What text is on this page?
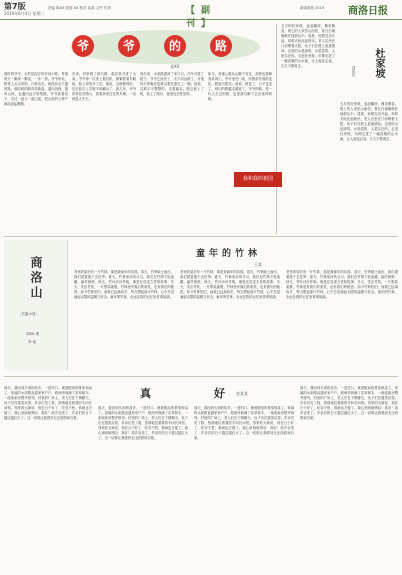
第7版
2019年6月4日 星期二
责编 陈XX 版面 XX 校对 某某 文件 作者	【副刊】
新闻晨报 2019 商洛日报
爷	爷	的	路
张XX
那时的爷爷，走的是泥泞的乡间小路，每逢雨天一脚深一脚浅，一步一滑。爷爷常说，路是人走出来的，只要肯走，就没有走不通的路。那时候的路弯弯曲曲，通向田野，通向山林，也通向远方的集镇。爷爷挑着担子，走过一道又一道山梁，把山里的土特产换成油盐酱醋。
后来，村里修了砂石路，拖拉机开进了山沟。爷爷第一次坐上拖拉机，紧紧抓着车厢板，脸上却笑开了花。他说，这路修得好，往后娃们上学就不用翻山了。那几年，爷爷常常站在路口，看着来来往往的车辆，一站就是大半天。
再后来，水泥路通到了家门口，汽车开进了院子。爷爷已经老了，走不动远路了，可他每天傍晚还是要沿着村道走上一圈。他说，这路平平整整的，走着踏实。路边栽上了树，装上了路灯，夜里也亮堂堂的。
如今，高速公路从山脚下穿过，高铁也要修到县城了。爷爷坐在门前，听我讲外面的变化，眼里闪着光。他说，路变了，日子也变了，咱们的路越走越宽了。爷爷的路，是一代人走过的路，也是我们脚下正在延伸的路。
五月的杜家坡，麦浪翻滚，槐花飘香。坡上的人家依山而居，青瓦白墙掩映在绿树丛中。清晨，炊烟袅袅升起，鸡鸣犬吠此起彼伏。老人们坐在门前晒着太阳，孩子们在坡上追逐嬉戏。这里的山是绿的，水是清的，人是实在的。走进杜家坡，仿佛走进了一幅淡雅的山水画，让人流连忘返，久久不愿离去。	杜家坡
刘某某
五月的杜家坡，麦浪翻滚，槐花飘香。坡上的人家依山而居，青瓦白墙掩映在绿树丛中。清晨，炊烟袅袅升起，鸡鸣犬吠此起彼伏。老人们坐在门前晒着太阳，孩子们在坡上追逐嬉戏。这里的山是绿的，水是清的，人是实在的。走进杜家坡，仿佛走进了一幅淡雅的山水画，让人流连忘返，久久不愿离去。
我和我的祖国
商洛山
〔长篇小说〕
刘XX 著
李 某
童年的竹林
王某
老家的屋后有一片竹林，那是我童年的乐园。春天，竹笋破土而出，我们提着篮子去挖笋；夏天，竹林里凉风习习，我们在竹荫下捉迷藏、编竹蚂蚱；秋天，竹叶沙沙作响，像是在讲述古老的故事；冬天，雪压竹枝，一片银装素裹。竹林里有我们的欢笑，也有我们的秘密。如今竹林依旧，而我已远离故乡，每当想起那片竹林，心中总是涌起无限的温暖与怀念。童年的竹林，永远在我的记忆里青翠欲滴。
老家的屋后有一片竹林，那是我童年的乐园。春天，竹笋破土而出，我们提着篮子去挖笋；夏天，竹林里凉风习习，我们在竹荫下捉迷藏、编竹蚂蚱；秋天，竹叶沙沙作响，像是在讲述古老的故事；冬天，雪压竹枝，一片银装素裹。竹林里有我们的欢笑，也有我们的秘密。如今竹林依旧，而我已远离故乡，每当想起那片竹林，心中总是涌起无限的温暖与怀念。童年的竹林，永远在我的记忆里青翠欲滴。
老家的屋后有一片竹林，那是我童年的乐园。春天，竹笋破土而出，我们提着篮子去挖笋；夏天，竹林里凉风习习，我们在竹荫下捉迷藏、编竹蚂蚱；秋天，竹叶沙沙作响，像是在讲述古老的故事；冬天，雪压竹枝，一片银装素裹。竹林里有我们的欢笑，也有我们的秘密。如今竹林依旧，而我已远离故乡，每当想起那片竹林，心中总是涌起无限的温暖与怀念。童年的竹林，永远在我的记忆里青翠欲滴。
真	好 赵某某
那天，我回到久别的故乡，一进村口，就被眼前的景象惊呆了。宽阔的水泥路直通家家户户，路两旁栽满了花草树木，一座座新房整齐排列。村里的广场上，老人们在下棋聊天，孩子们在嬉笑玩耍。乡亲们见了我，热情地拉着我的手问长问短。邻家的大婶说，现在日子好了，吃穿不愁，看病也方便了。我心里暗暗感叹：真好！故乡变美了，乡亲们的日子越过越红火了。这一切都让我感到无比欣慰和自豪。
那天，我回到久别的故乡，一进村口，就被眼前的景象惊呆了。宽阔的水泥路直通家家户户，路两旁栽满了花草树木，一座座新房整齐排列。村里的广场上，老人们在下棋聊天，孩子们在嬉笑玩耍。乡亲们见了我，热情地拉着我的手问长问短。邻家的大婶说，现在日子好了，吃穿不愁，看病也方便了。我心里暗暗感叹：真好！故乡变美了，乡亲们的日子越过越红火了。这一切都让我感到无比欣慰和自豪。
那天，我回到久别的故乡，一进村口，就被眼前的景象惊呆了。宽阔的水泥路直通家家户户，路两旁栽满了花草树木，一座座新房整齐排列。村里的广场上，老人们在下棋聊天，孩子们在嬉笑玩耍。乡亲们见了我，热情地拉着我的手问长问短。邻家的大婶说，现在日子好了，吃穿不愁，看病也方便了。我心里暗暗感叹：真好！故乡变美了，乡亲们的日子越过越红火了。这一切都让我感到无比欣慰和自豪。
那天，我回到久别的故乡，一进村口，就被眼前的景象惊呆了。宽阔的水泥路直通家家户户，路两旁栽满了花草树木，一座座新房整齐排列。村里的广场上，老人们在下棋聊天，孩子们在嬉笑玩耍。乡亲们见了我，热情地拉着我的手问长问短。邻家的大婶说，现在日子好了，吃穿不愁，看病也方便了。我心里暗暗感叹：真好！故乡变美了，乡亲们的日子越过越红火了。这一切都让我感到无比欣慰和自豪。
